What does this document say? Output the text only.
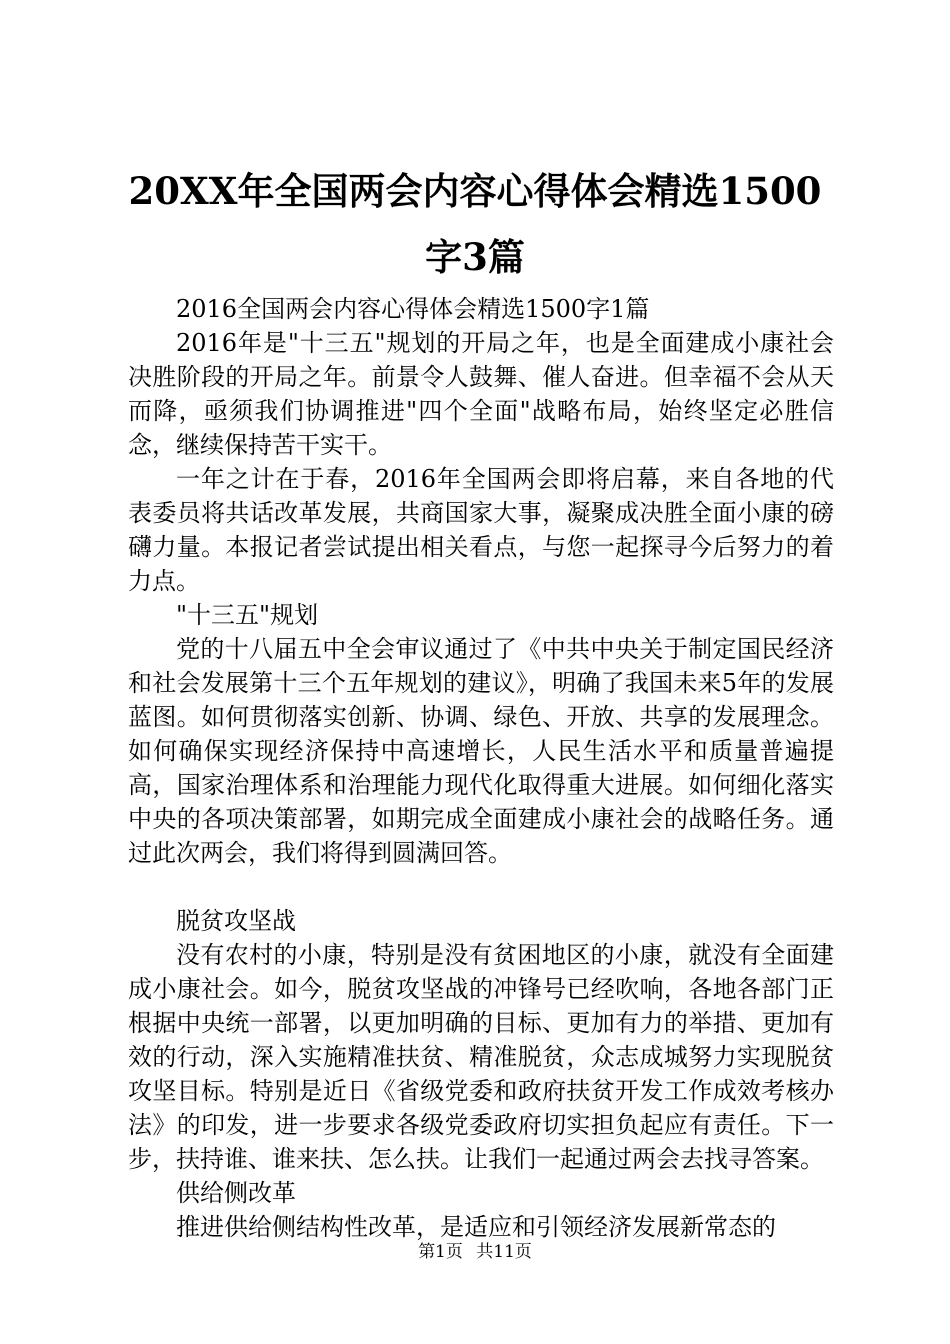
20XX年全国两会内容心得体会精选1500字3篇

2016全国两会内容心得体会精选1500字1篇

2016年是"十三五"规划的开局之年，也是全面建成小康社会决胜阶段的开局之年。前景令人鼓舞、催人奋进。但幸福不会从天而降，亟须我们协调推进"四个全面"战略布局，始终坚定必胜信念，继续保持苦干实干。

一年之计在于春，2016年全国两会即将启幕，来自各地的代表委员将共话改革发展，共商国家大事，凝聚成决胜全面小康的磅礴力量。本报记者尝试提出相关看点，与您一起探寻今后努力的着力点。

"十三五"规划

党的十八届五中全会审议通过了《中共中央关于制定国民经济和社会发展第十三个五年规划的建议》，明确了我国未来5年的发展蓝图。如何贯彻落实创新、协调、绿色、开放、共享的发展理念。如何确保实现经济保持中高速增长，人民生活水平和质量普遍提高，国家治理体系和治理能力现代化取得重大进展。如何细化落实中央的各项决策部署，如期完成全面建成小康社会的战略任务。通过此次两会，我们将得到圆满回答。

脱贫攻坚战

没有农村的小康，特别是没有贫困地区的小康，就没有全面建成小康社会。如今，脱贫攻坚战的冲锋号已经吹响，各地各部门正根据中央统一部署，以更加明确的目标、更加有力的举措、更加有效的行动，深入实施精准扶贫、精准脱贫，众志成城努力实现脱贫攻坚目标。特别是近日《省级党委和政府扶贫开发工作成效考核办法》的印发，进一步要求各级党委政府切实担负起应有责任。下一步，扶持谁、谁来扶、怎么扶。让我们一起通过两会去找寻答案。

供给侧改革

推进供给侧结构性改革，是适应和引领经济发展新常态的

第1页 共11页
